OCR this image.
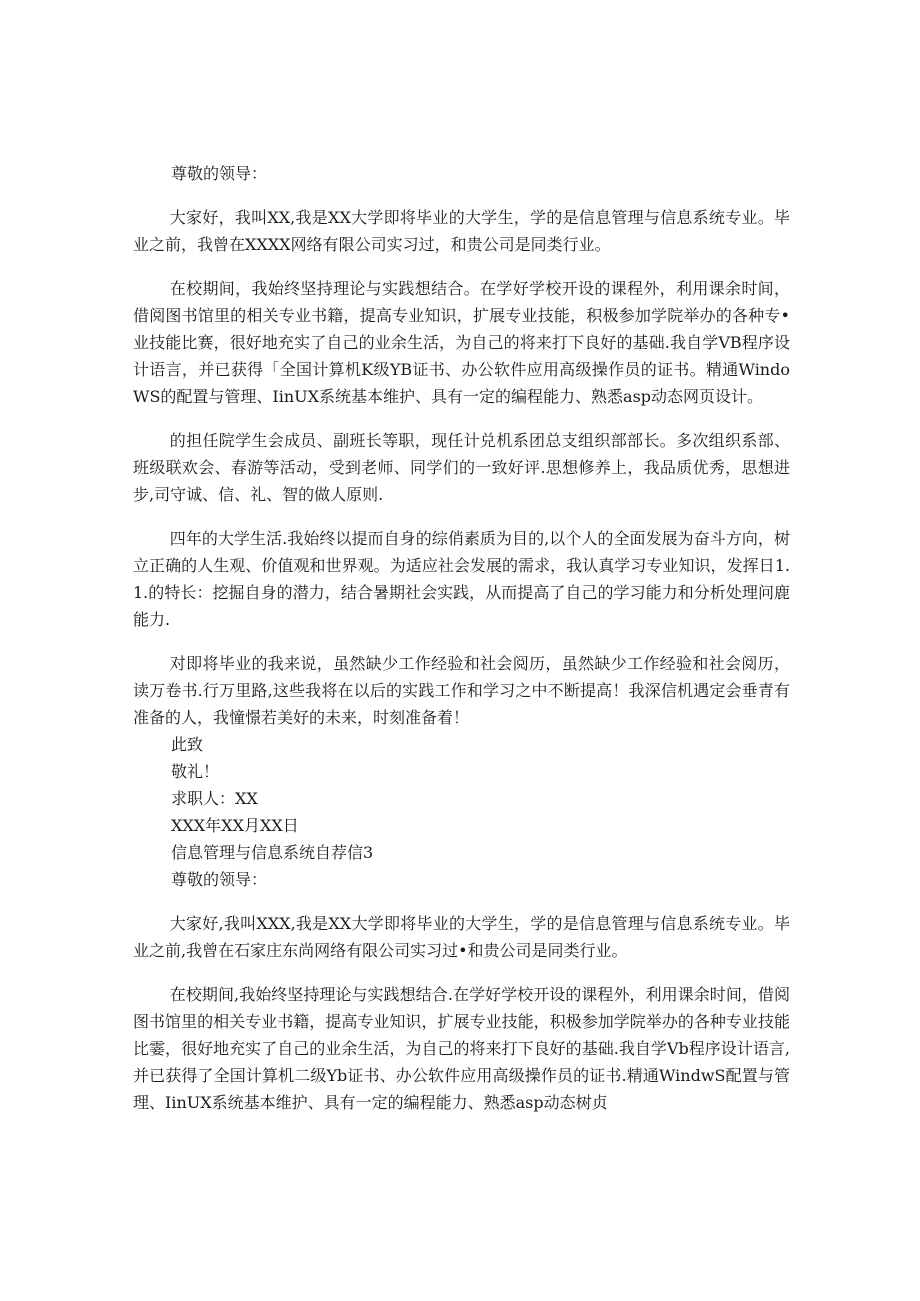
尊敬的领导：

大家好，我叫XX,我是XX大学即将毕业的大学生，学的是信息管理与信息系统专业。毕业之前，我曾在XXXX网络有限公司实习过，和贵公司是同类行业。

在校期间，我始终坚持理论与实践想结合。在学好学校开设的课程外，利用课余时间，借阅图书馆里的相关专业书籍，提高专业知识，扩展专业技能，积极参加学院举办的各种专•业技能比赛，很好地充实了自己的业余生活，为自己的将来打下良好的基础.我自学VB程序设计语言，并已获得「全国计算机K级YB证书、办公软件应用高级操作员的证书。精通WindoWS的配置与管理、IinUX系统基本维护、具有一定的编程能力、熟悉asp动态网页设计。

的担任院学生会成员、副班长等职，现任计兑机系团总支组织部部长。多次组织系部、班级联欢会、春游等活动，受到老师、同学们的一致好评.思想修养上，我品质优秀，思想进步,司守诚、信、礼、智的做人原则.

四年的大学生活.我始终以提而自身的综俏素质为目的,以个人的全面发展为奋斗方向，树立正确的人生观、价值观和世界观。为适应社会发展的需求，我认真学习专业知识，发挥日1.1.的特长：挖掘自身的潜力，结合暑期社会实践，从而提高了自己的学习能力和分析处理问鹿能力.

对即将毕业的我来说，虽然缺少工作经验和社会阅历，虽然缺少工作经验和社会阅历，读万卷书.行万里路,这些我将在以后的实践工作和学习之中不断提高！我深信机遇定会垂青有准备的人，我憧憬若美好的未来，时刻准备着！

此致

敬礼！

求职人：XX

XXX年XX月XX日

信息管理与信息系统自荐信3

尊敬的领导：

大家好,我叫XXX,我是XX大学即将毕业的大学生，学的是信息管理与信息系统专业。毕业之前,我曾在石家庄东尚网络有限公司实习过•和贵公司是同类行业。

在校期间,我始终坚持理论与实践想结合.在学好学校开设的课程外，利用课余时间，借阅图书馆里的相关专业书籍，提高专业知识，扩展专业技能，积极参加学院举办的各种专业技能比霎，很好地充实了自己的业余生活，为自己的将来打下良好的基础.我自学Vb程序设计语言,并已获得了全国计算机二级Yb证书、办公软件应用高级操作员的证书.精通WindwS配置与管理、IinUX系统基本维护、具有一定的编程能力、熟悉asp动态树贞
